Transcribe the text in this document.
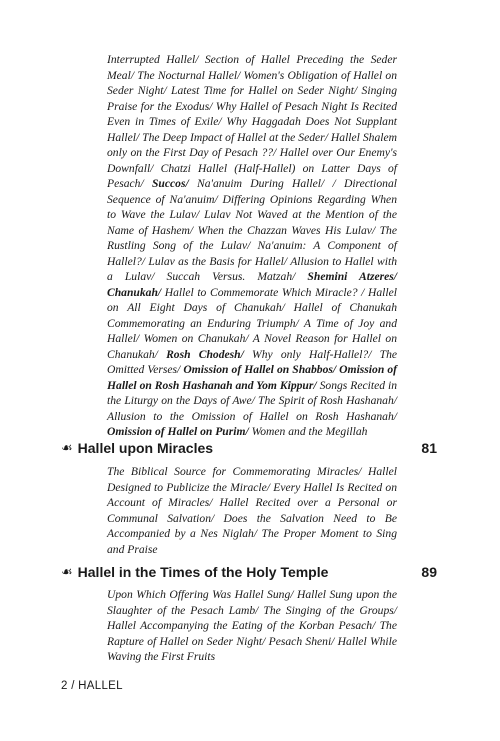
Interrupted Hallel/ Section of Hallel Preceding the Seder Meal/ The Nocturnal Hallel/ Women's Obligation of Hallel on Seder Night/ Latest Time for Hallel on Seder Night/ Singing Praise for the Exodus/ Why Hallel of Pesach Night Is Recited Even in Times of Exile/ Why Haggadah Does Not Supplant Hallel/ The Deep Impact of Hallel at the Seder/ Hallel Shalem only on the First Day of Pesach ??/ Hallel over Our Enemy's Downfall/ Chatzi Hallel (Half-Hallel) on Latter Days of Pesach/ Succos/ Na'anuim During Hallel/ / Directional Sequence of Na'anuim/ Differing Opinions Regarding When to Wave the Lulav/ Lulav Not Waved at the Mention of the Name of Hashem/ When the Chazzan Waves His Lulav/ The Rustling Song of the Lulav/ Na'anuim: A Component of Hallel?/ Lulav as the Basis for Hallel/ Allusion to Hallel with a Lulav/ Succah Versus. Matzah/ Shemini Atzeres/ Chanukah/ Hallel to Commemorate Which Miracle? / Hallel on All Eight Days of Chanukah/ Hallel of Chanukah Commemorating an Enduring Triumph/ A Time of Joy and Hallel/ Women on Chanukah/ A Novel Reason for Hallel on Chanukah/ Rosh Chodesh/ Why only Half-Hallel?/ The Omitted Verses/ Omission of Hallel on Shabbos/ Omission of Hallel on Rosh Hashanah and Yom Kippur/ Songs Recited in the Liturgy on the Days of Awe/ The Spirit of Rosh Hashanah/ Allusion to the Omission of Hallel on Rosh Hashanah/ Omission of Hallel on Purim/ Women and the Megillah
☙ Hallel upon Miracles	81
The Biblical Source for Commemorating Miracles/ Hallel Designed to Publicize the Miracle/ Every Hallel Is Recited on Account of Miracles/ Hallel Recited over a Personal or Communal Salvation/ Does the Salvation Need to Be Accompanied by a Nes Niglah/ The Proper Moment to Sing and Praise
☙ Hallel in the Times of the Holy Temple	89
Upon Which Offering Was Hallel Sung/ Hallel Sung upon the Slaughter of the Pesach Lamb/ The Singing of the Groups/ Hallel Accompanying the Eating of the Korban Pesach/ The Rapture of Hallel on Seder Night/ Pesach Sheni/ Hallel While Waving the First Fruits
2 / HALLEL
